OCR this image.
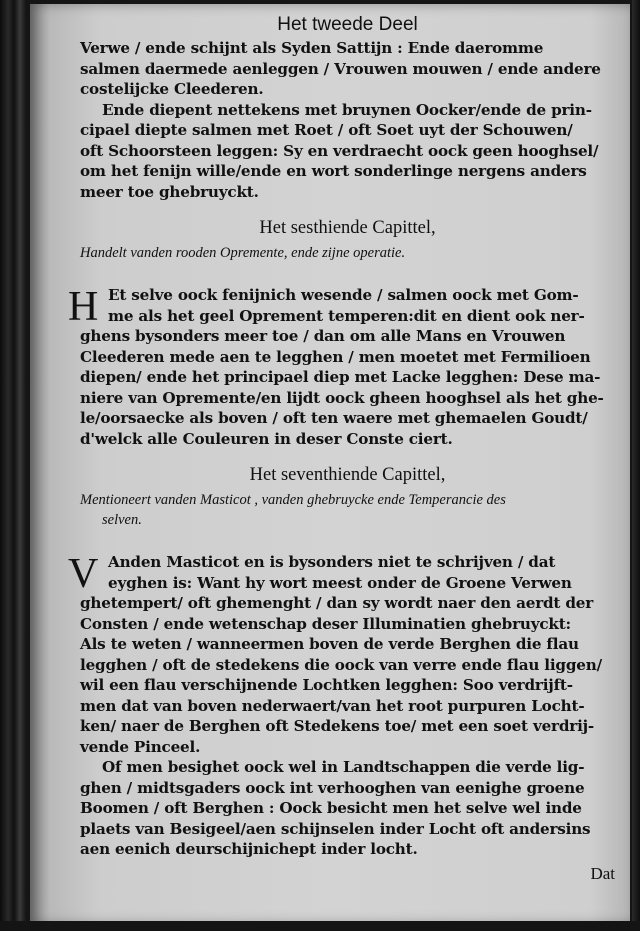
Het tweede Deel

Verwe / ende schijnt als Syden Sattijn : Ende daeromme

salmen daermede aenleggen / Vrouwen mouwen / ende andere

costelijcke Cleederen.

Ende diepent nettekens met bruynen Oocker/ende de prin-

cipael diepte salmen met Roet / oft Soet uyt der Schouwen/

oft Schoorsteen leggen: Sy en verdraecht oock geen hooghsel/

om het fenijn wille/ende en wort sonderlinge nergens anders

meer toe ghebruyckt.

Het sesthiende Capittel,

Handelt vanden rooden Opremente, ende zijne operatie.

H Et selve oock fenijnich wesende / salmen oock met Gom-

me als het geel Oprement temperen:dit en dient ook ner-

ghens bysonders meer toe / dan om alle Mans en Vrouwen

Cleederen mede aen te legghen / men moetet met Fermilioen

diepen/ ende het principael diep met Lacke legghen: Dese ma-

niere van Opremente/en lijdt oock gheen hooghsel als het ghe-

le/oorsaecke als boven / oft ten waere met ghemaelen Goudt/

d'welck alle Couleuren in deser Conste ciert.

Het seventhiende Capittel,

Mentioneert vanden Masticot , vanden ghebruycke ende Temperancie des

selven.

V Anden Masticot en is bysonders niet te schrijven / dat

eyghen is: Want hy wort meest onder de Groene Verwen

ghetempert/ oft ghemenght / dan sy wordt naer den aerdt der

Consten / ende wetenschap deser Illuminatien ghebruyckt:

Als te weten / wanneermen boven de verde Berghen die flau

legghen / oft de stedekens die oock van verre ende flau liggen/

wil een flau verschijnende Lochtken legghen: Soo verdrijft-

men dat van boven nederwaert/van het root purpuren Locht-

ken/ naer de Berghen oft Stedekens toe/ met een soet verdrij-

vende Pinceel.

Of men besighet oock wel in Landtschappen die verde lig-

ghen / midtsgaders oock int verhooghen van eenighe groene

Boomen / oft Berghen : Oock besicht men het selve wel inde

plaets van Besigeel/aen schijnselen inder Locht oft andersins

aen eenich deurschijnichept inder locht.

Dat
